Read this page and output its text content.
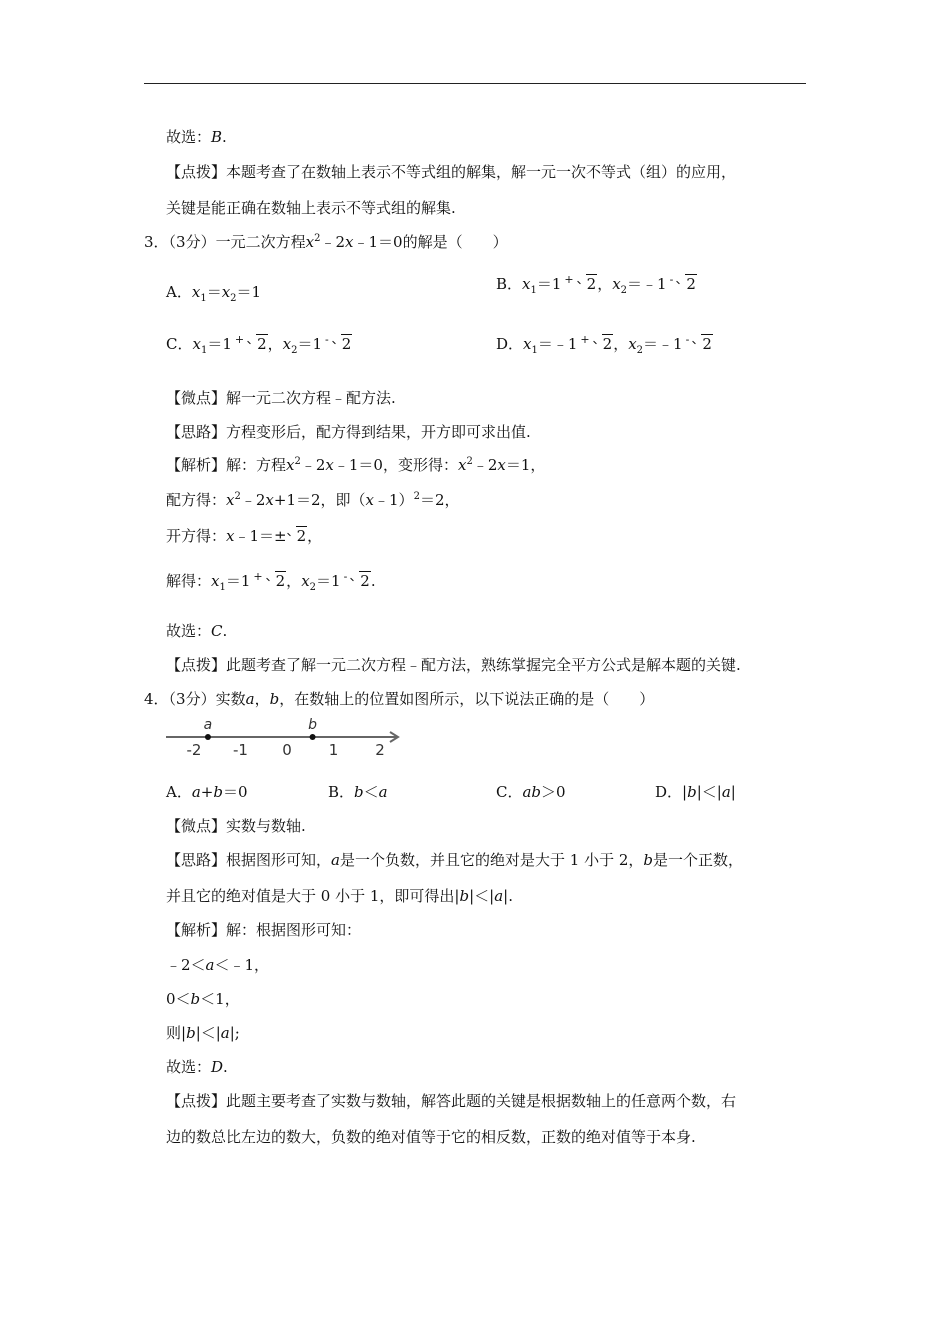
故选：B.
【点拨】本题考查了在数轴上表示不等式组的解集，解一元一次不等式（组）的应用，
关键是能正确在数轴上表示不等式组的解集.
3．（3分）一元二次方程$x^2﹣2x﹣1=0$的解是（　　）
A．$x_1=x_2=1$	B．$x_1=1$ + 2，$x_2=﹣1$ - 2
C．$x_1=1$ + 2，$x_2=1$ - 2	D．$x_1=﹣1$ + 2，$x_2=﹣1$ - 2
【微点】解一元二次方程﹣配方法.
【思路】方程变形后，配方得到结果，开方即可求出值.
【解析】解：方程$x^2﹣2x﹣1=0$，变形得：$x^2﹣2x=1$，
配方得：$x^2﹣2x+1=2$，即（x﹣1）$^2$＝2，
开方得：x﹣1＝± 2，
解得：$x_1=1$ + 2，$x_2=1$ - 2.
故选：C.
【点拨】此题考查了解一元二次方程﹣配方法，熟练掌握完全平方公式是解本题的关键.
4．（3分）实数a，b，在数轴上的位置如图所示，以下说法正确的是（　　）
-2 -1 0 1 2
a	b
A．a+b＝0	B．b＜a	C．ab＞0	D．|b|＜|a|
【微点】实数与数轴.
【思路】根据图形可知，a是一个负数，并且它的绝对是大于 1 小于 2，b是一个正数，
并且它的绝对值是大于 0 小于 1，即可得出|b|＜|a|.
【解析】解：根据图形可知：
﹣2＜a＜﹣1，
0＜b＜1，
则|b|＜|a|;
故选：D.
【点拨】此题主要考查了实数与数轴，解答此题的关键是根据数轴上的任意两个数，右
边的数总比左边的数大，负数的绝对值等于它的相反数，正数的绝对值等于本身.
